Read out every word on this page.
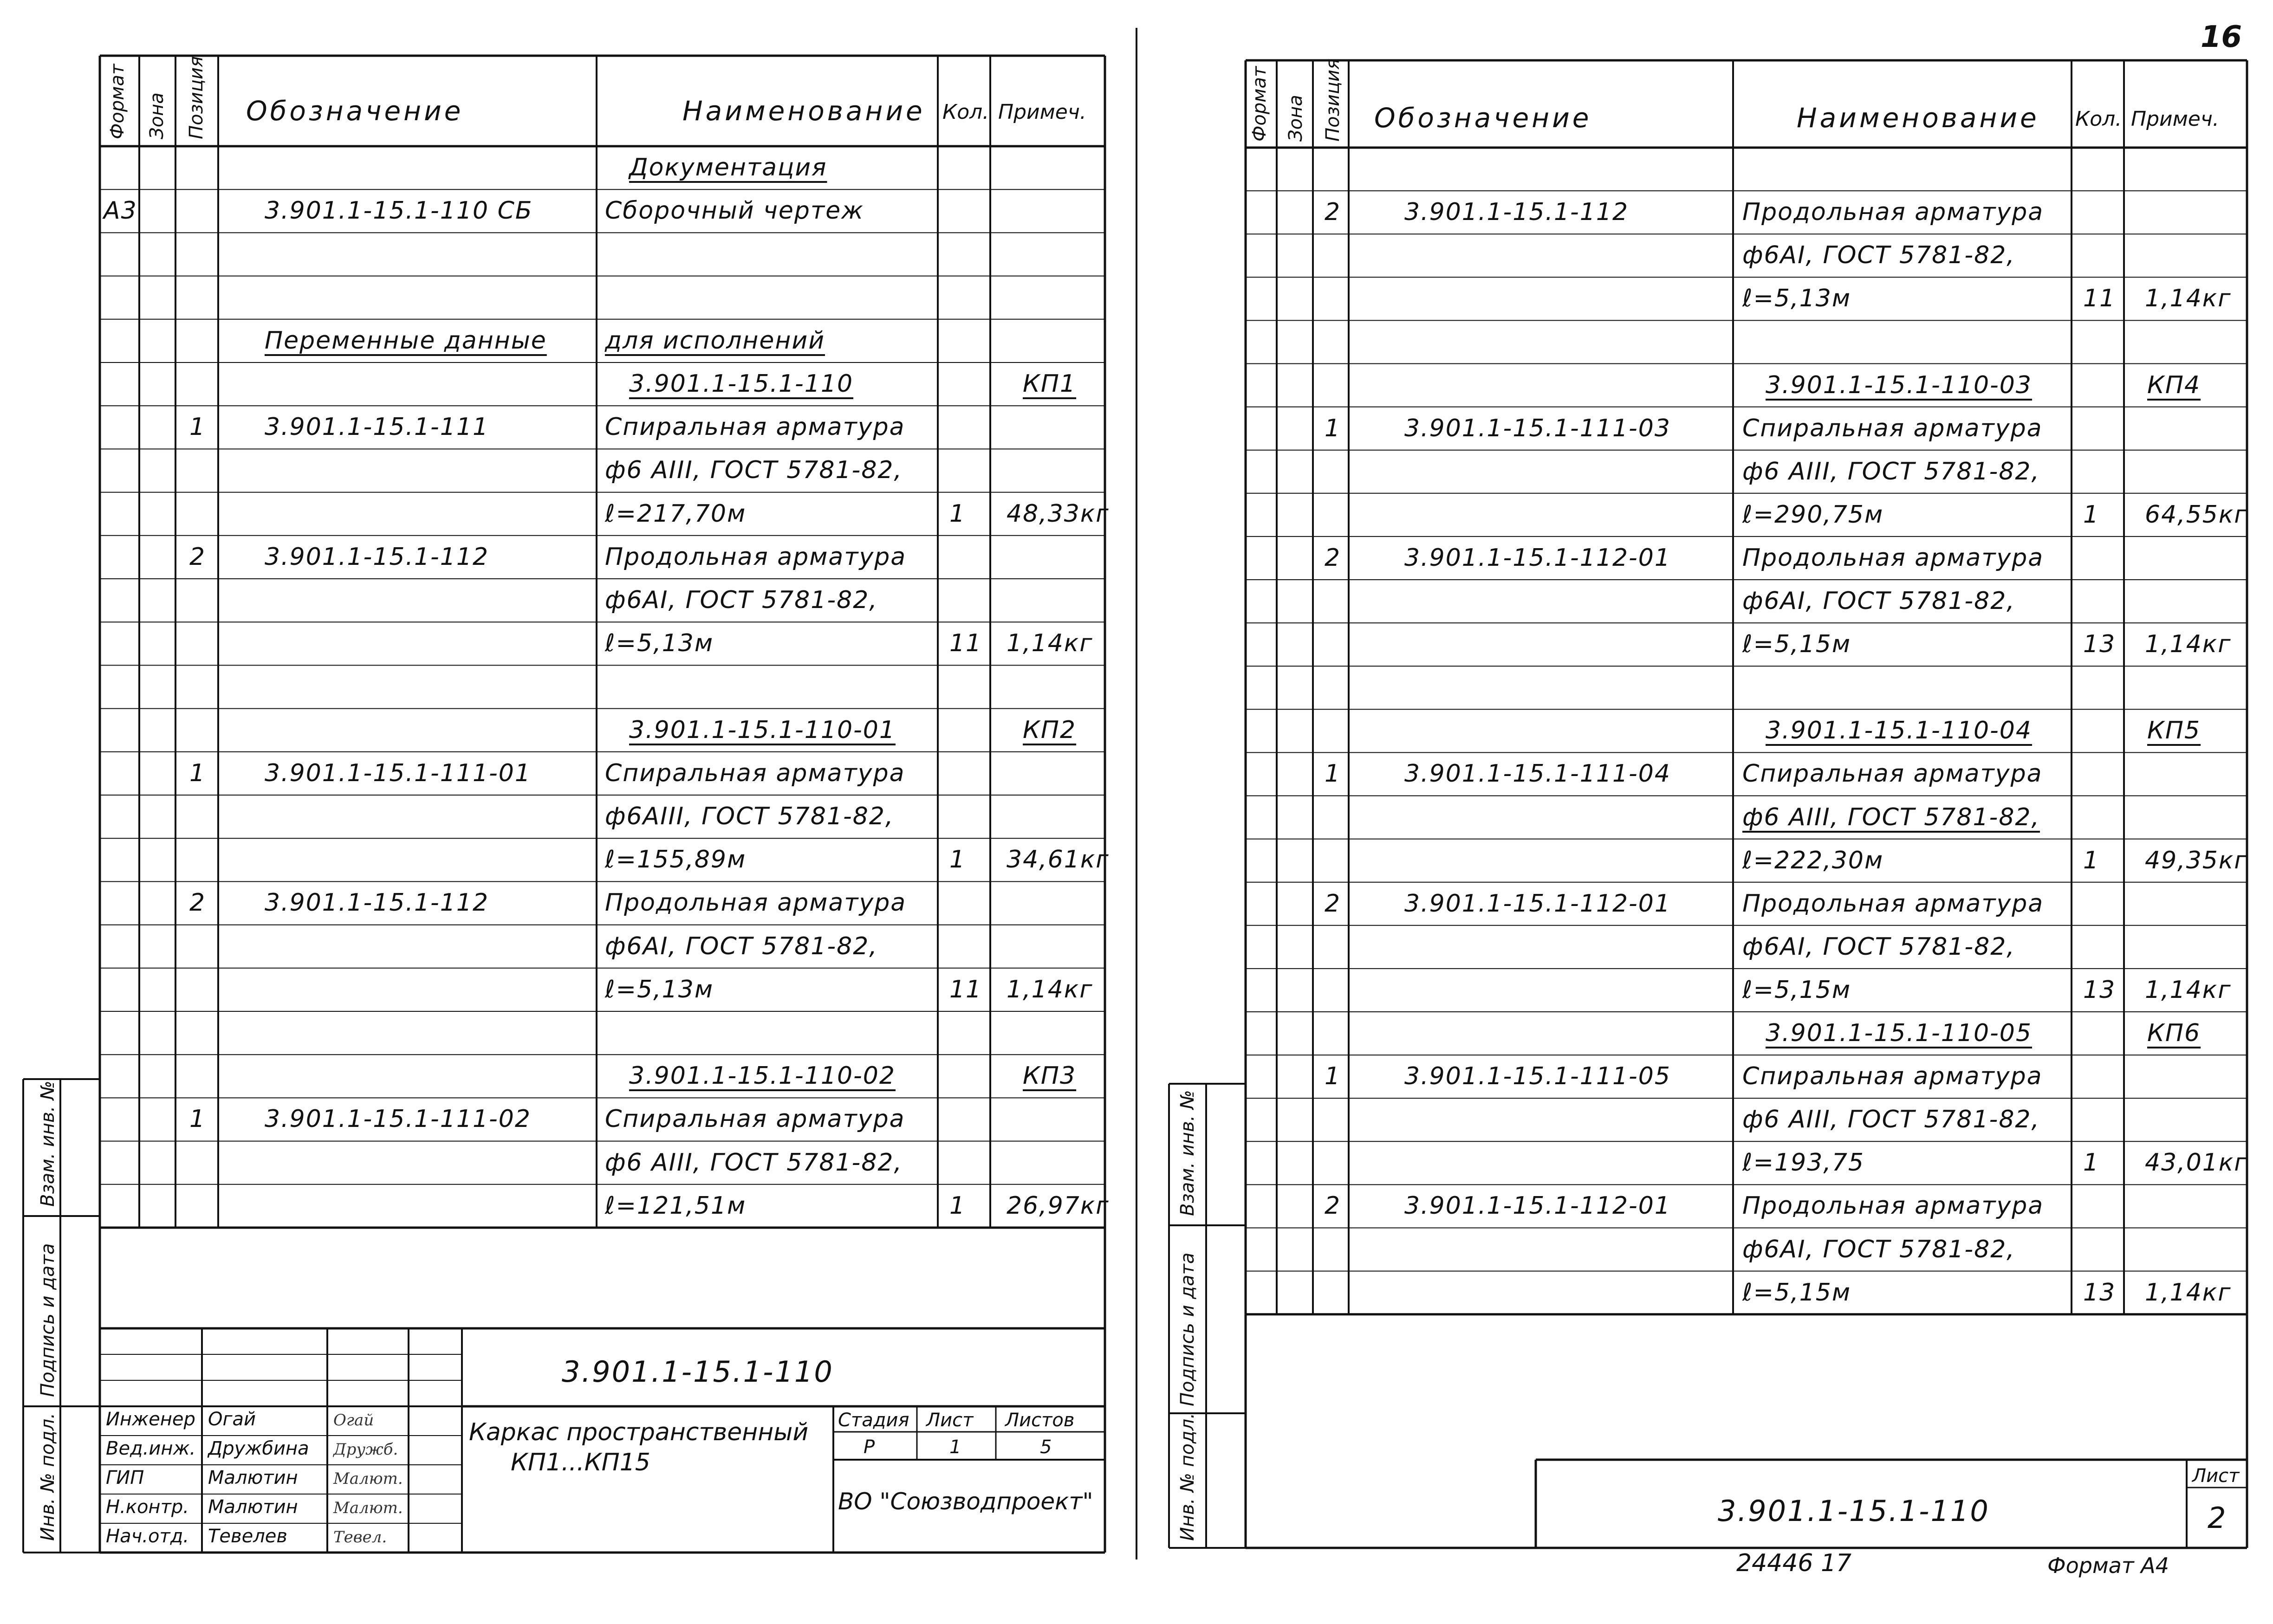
16
Формат Зона Позиция Обозначение	Наименование Кол. Примеч.	Формат Зона Позиция Обозначение	Наименование Кол. Примеч.
Документация
А3	3.901.1-15.1-110 СБ	Сборочный чертеж
Переменные данные для исполнений
3.901.1-15.1-110	КП1
1 3.901.1-15.1-111	Спиральная арматура
ф6 АIII, ГОСТ 5781-82,
ℓ=217,70м	1 48,33кг
2 3.901.1-15.1-112	Продольная арматура
ф6АI, ГОСТ 5781-82,
ℓ=5,13м	11 1,14кг
3.901.1-15.1-110-01	КП2
1 3.901.1-15.1-111-01	Спиральная арматура
ф6АIII, ГОСТ 5781-82,
ℓ=155,89м	1 34,61кг
2 3.901.1-15.1-112	Продольная арматура
ф6АI, ГОСТ 5781-82,
ℓ=5,13м	11 1,14кг
3.901.1-15.1-110-02	КП3
1 3.901.1-15.1-111-02	Спиральная арматура
ф6 АIII, ГОСТ 5781-82,
ℓ=121,51м	1 26,97кг
2	3.901.1-15.1-112	Продольная арматура
ф6АI, ГОСТ 5781-82,
ℓ=5,13м	11 1,14кг
3.901.1-15.1-110-03	КП4
1	3.901.1-15.1-111-03	Спиральная арматура
ф6 АIII, ГОСТ 5781-82,
ℓ=290,75м	1 64,55кг
2	3.901.1-15.1-112-01	Продольная арматура
ф6АI, ГОСТ 5781-82,
ℓ=5,15м	13 1,14кг
3.901.1-15.1-110-04	КП5
1	3.901.1-15.1-111-04	Спиральная арматура
ф6 АIII, ГОСТ 5781-82,
ℓ=222,30м	1 49,35кг
2	3.901.1-15.1-112-01	Продольная арматура
ф6АI, ГОСТ 5781-82,
ℓ=5,15м	13 1,14кг
3.901.1-15.1-110-05	КП6
1	3.901.1-15.1-111-05	Спиральная арматура
ф6 АIII, ГОСТ 5781-82,
ℓ=193,75	1 43,01кг
2	3.901.1-15.1-112-01	Продольная арматура
ф6АI, ГОСТ 5781-82,
ℓ=5,15м	13 1,14кг
Взам. инв. №
Подпись и дата
Инв. № подл.
Взам. инв. №
Подпись и дата
Инв. № подл.
3.901.1-15.1-110
Каркас пространственный
КП1...КП15
Стадия Лист Листов
Р	1	5
ВО "Союзводпроект"
Инженер Огай	Огай
Вед.инж. Дружбина Дружб.
ГИП	Малютин Малют.
Н.контр. Малютин Малют.
Нач.отд. Тевелев	Тевел.
3.901.1-15.1-110
Лист
2
24446 17	Формат А4
